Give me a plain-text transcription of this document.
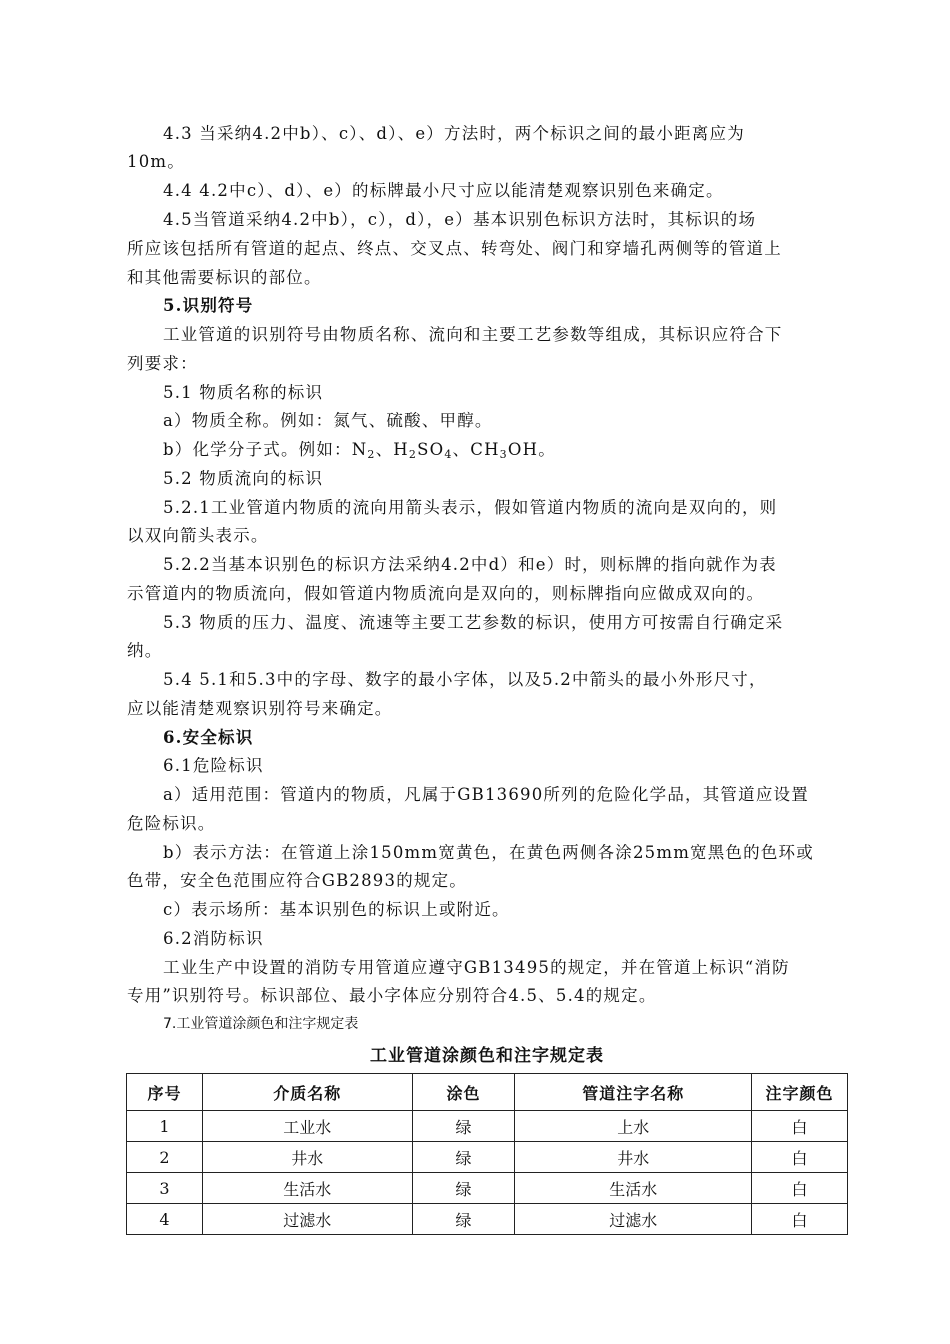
4.3 当采纳4.2中b）、c）、d）、e）方法时，两个标识之间的最小距离应为
10m。
4.4 4.2中c）、d）、e）的标牌最小尺寸应以能清楚观察识别色来确定。
4.5当管道采纳4.2中b），c），d），e）基本识别色标识方法时，其标识的场
所应该包括所有管道的起点、终点、交叉点、转弯处、阀门和穿墙孔两侧等的管道上
和其他需要标识的部位。
5.识别符号
工业管道的识别符号由物质名称、流向和主要工艺参数等组成，其标识应符合下
列要求：
5.1 物质名称的标识
a）物质全称。例如：氮气、硫酸、甲醇。
b）化学分子式。例如：$N_2$、$H_2SO_4$、$CH_3OH$。
5.2 物质流向的标识
5.2.1工业管道内物质的流向用箭头表示，假如管道内物质的流向是双向的，则
以双向箭头表示。
5.2.2当基本识别色的标识方法采纳4.2中d）和e）时，则标牌的指向就作为表
示管道内的物质流向，假如管道内物质流向是双向的，则标牌指向应做成双向的。
5.3 物质的压力、温度、流速等主要工艺参数的标识，使用方可按需自行确定采
纳。
5.4 5.1和5.3中的字母、数字的最小字体，以及5.2中箭头的最小外形尺寸，
应以能清楚观察识别符号来确定。
6.安全标识
6.1危险标识
a）适用范围：管道内的物质，凡属于GB13690所列的危险化学品，其管道应设置
危险标识。
b）表示方法：在管道上涂150mm宽黄色，在黄色两侧各涂25mm宽黑色的色环或
色带，安全色范围应符合GB2893的规定。
c）表示场所：基本识别色的标识上或附近。
6.2消防标识
工业生产中设置的消防专用管道应遵守GB13495的规定，并在管道上标识“消防
专用”识别符号。标识部位、最小字体应分别符合4.5、5.4的规定。
7.工业管道涂颜色和注字规定表
工业管道涂颜色和注字规定表
序号	介质名称	涂色	管道注字名称	注字颜色
1	工业水	绿	上水	白
2	井水	绿	井水	白
3	生活水	绿	生活水	白
4	过滤水	绿	过滤水	白
